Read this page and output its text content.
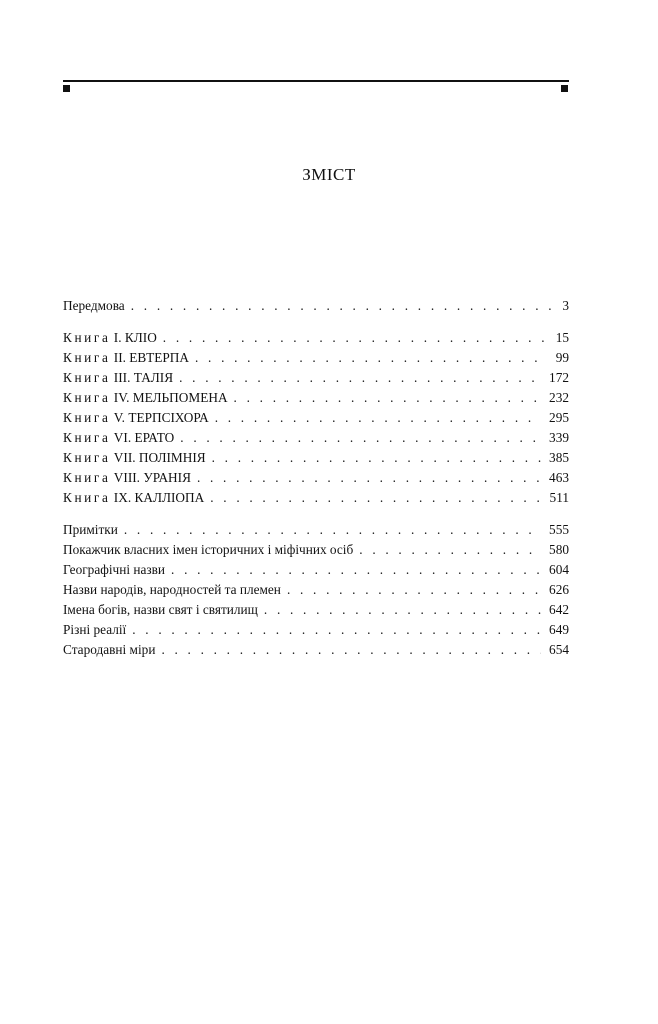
ЗМІСТ
Передмова . . .	3
Книга I. КЛІО . . .	15
Книга II. ЕВТЕРПА . . .	99
Книга III. ТАЛІЯ . . .	172
Книга IV. МЕЛЬПОМЕНА . . .	232
Книга V. ТЕРПСІХОРА . . .	295
Книга VI. ЕРАТО . . .	339
Книга VII. ПОЛІМНІЯ . . .	385
Книга VIII. УРАНІЯ . . .	463
Книга IX. КАЛЛІОПА . . .	511
Примітки . . .	555
Покажчик власних імен історичних і міфічних осіб . . .	580
Географічні назви . . .	604
Назви народів, народностей та племен . . .	626
Імена богів, назви свят і святилищ . . .	642
Різні реалії . . .	649
Стародавні міри . . .	654
